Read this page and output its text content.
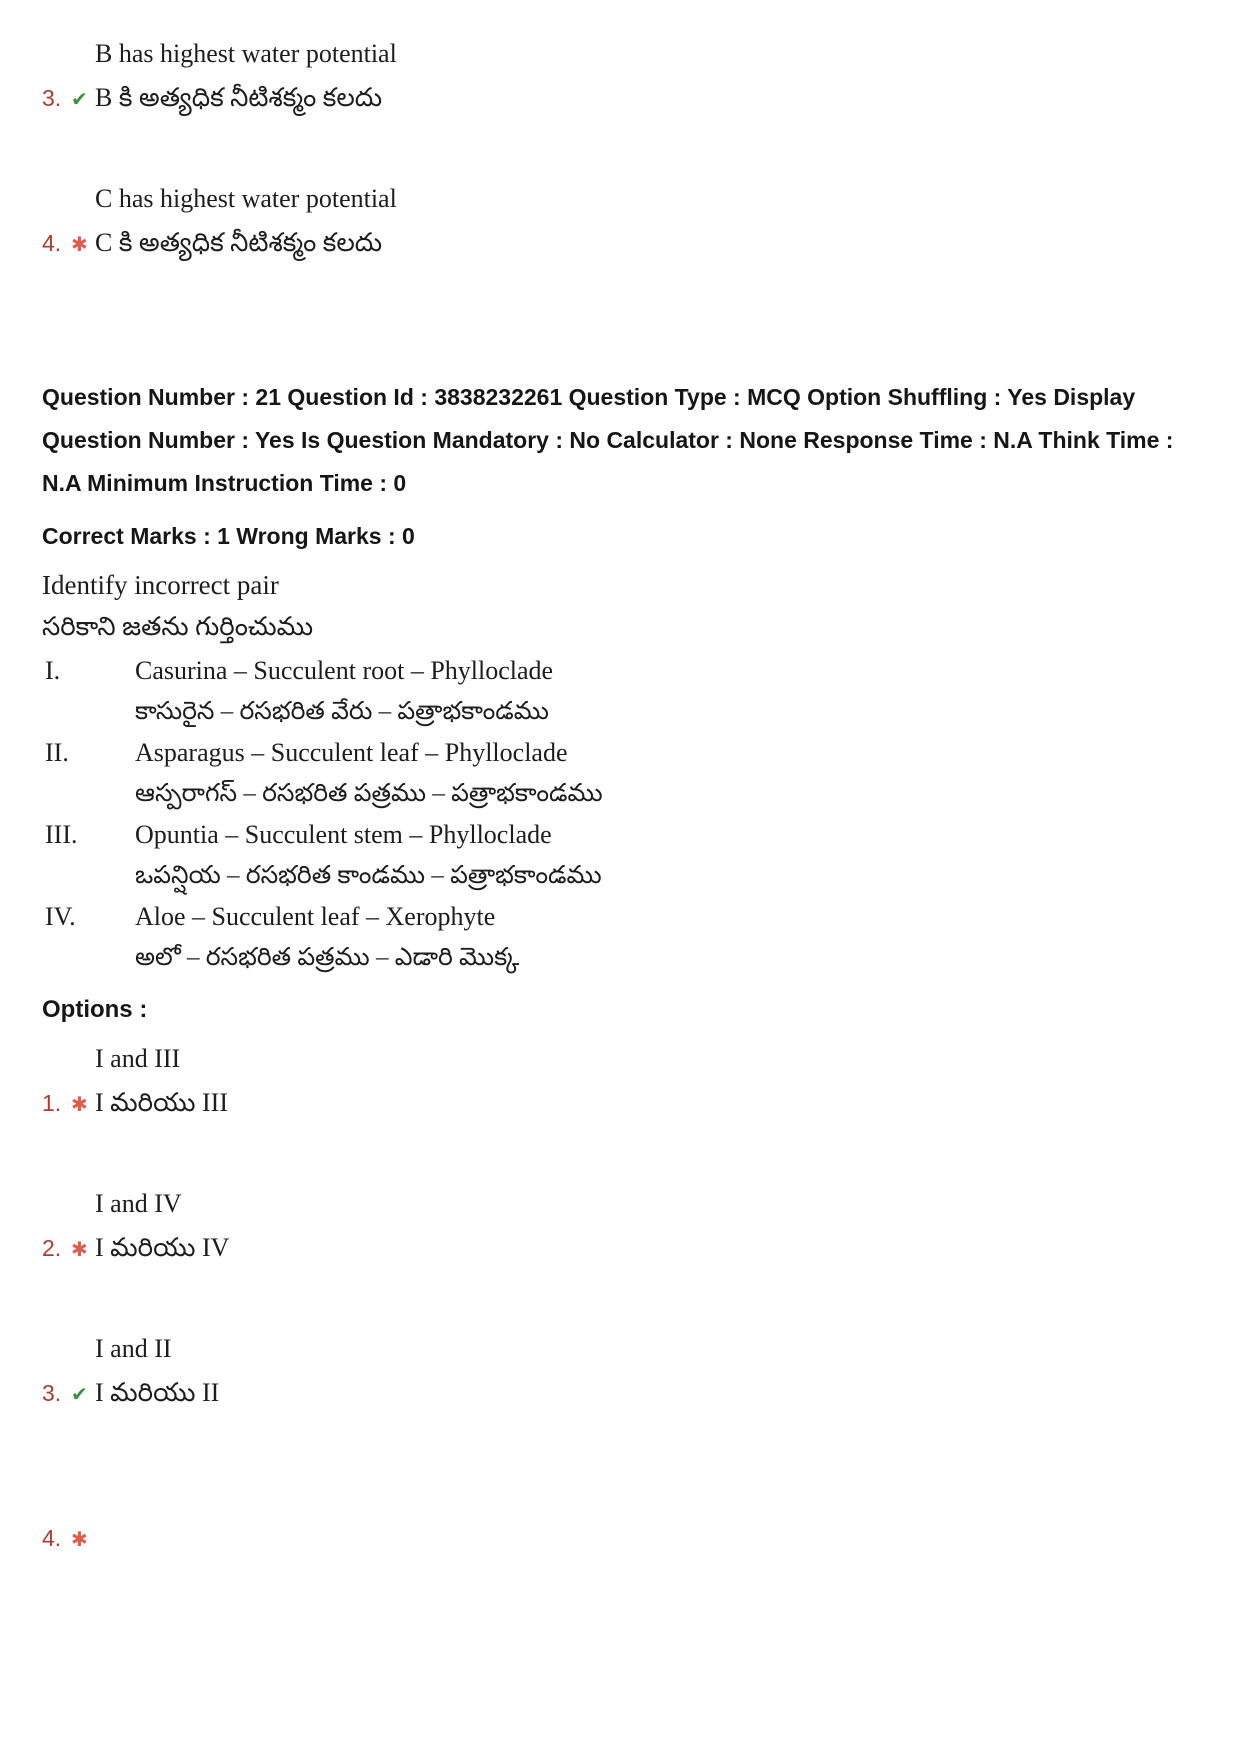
B has highest water potential
3. ✔ B కి అత్యధిక నీటిశక్మం కలదు
C has highest water potential
4. ✱ C కి అత్యధిక నీటిశక్మం కలదు

Question Number : 21 Question Id : 3838232261 Question Type : MCQ Option Shuffling : Yes Display Question Number : Yes Is Question Mandatory : No Calculator : None Response Time : N.A Think Time : N.A Minimum Instruction Time : 0

Correct Marks : 1 Wrong Marks : 0

Identify incorrect pair
సరికాని జతను గుర్తించుము
I.	Casurina – Succulent root – Phylloclade
కాసురైన – రసభరిత వేరు – పత్రాభకాండము
II.	Asparagus – Succulent leaf – Phylloclade
ఆస్పరాగస్ – రసభరిత పత్రము – పత్రాభకాండము
III.	Opuntia – Succulent stem – Phylloclade
ఒపన్షియ – రసభరిత కాండము – పత్రాభకాండము
IV.	Aloe – Succulent leaf – Xerophyte
అలో – రసభరిత పత్రము – ఎడారి మొక్క

Options :

I and III
1. ✱ I మరియు III
I and IV
2. ✱ I మరియు IV
I and II
3. ✔ I మరియు II
4. ✱
